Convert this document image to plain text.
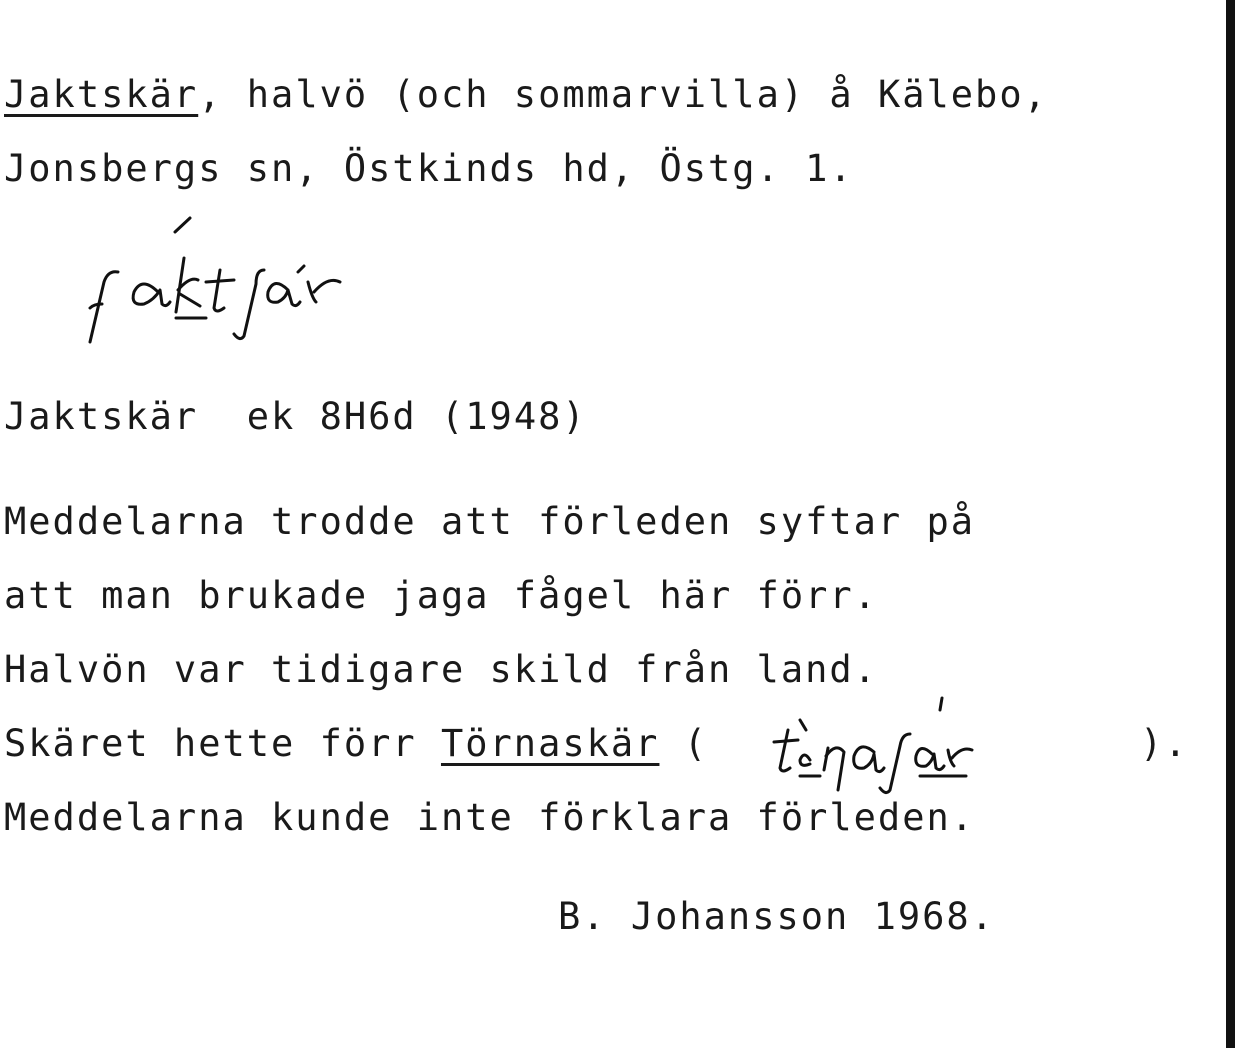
Jaktskär, halvö (och sommarvilla) å Kälebo,
Jonsbergs sn, Östkinds hd, Östg. 1.
Jaktskär ek 8H6d (1948)
Meddelarna trodde att förleden syftar på
att man brukade jaga fågel här förr.
Halvön var tidigare skild från land.
Skäret hette förr Törnaskär (	).
Meddelarna kunde inte förklara förleden.
B. Johansson 1968.
